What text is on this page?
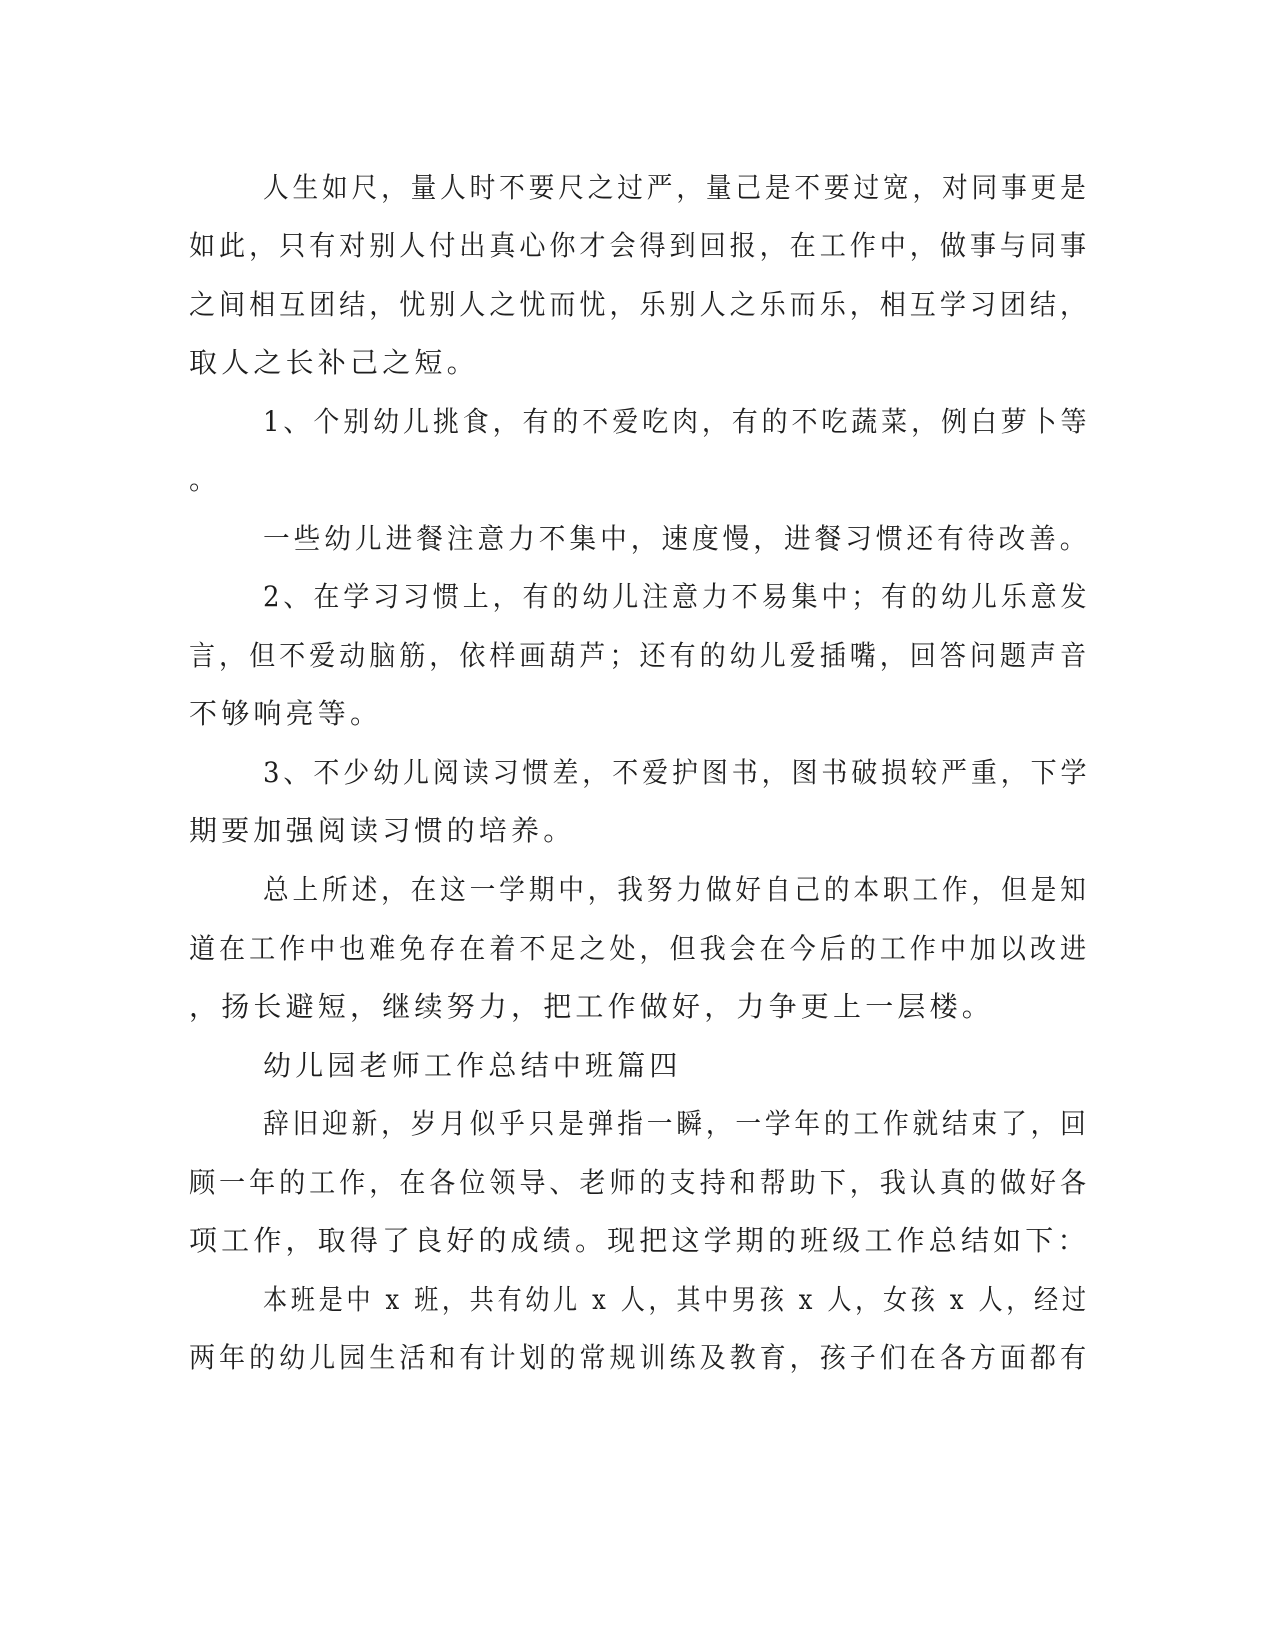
人生如尺，量人时不要尺之过严，量己是不要过宽，对同事更是
如此，只有对别人付出真心你才会得到回报，在工作中，做事与同事
之间相互团结，忧别人之忧而忧，乐别人之乐而乐，相互学习团结，
取人之长补己之短。
1、个别幼儿挑食，有的不爱吃肉，有的不吃蔬菜，例白萝卜等
。
一些幼儿进餐注意力不集中，速度慢，进餐习惯还有待改善。
2、在学习习惯上，有的幼儿注意力不易集中；有的幼儿乐意发
言，但不爱动脑筋，依样画葫芦；还有的幼儿爱插嘴，回答问题声音
不够响亮等。
3、不少幼儿阅读习惯差，不爱护图书，图书破损较严重，下学
期要加强阅读习惯的培养。
总上所述，在这一学期中，我努力做好自己的本职工作，但是知
道在工作中也难免存在着不足之处，但我会在今后的工作中加以改进
，扬长避短，继续努力，把工作做好，力争更上一层楼。
幼儿园老师工作总结中班篇四
辞旧迎新，岁月似乎只是弹指一瞬，一学年的工作就结束了，回
顾一年的工作，在各位领导、老师的支持和帮助下，我认真的做好各
项工作，取得了良好的成绩。现把这学期的班级工作总结如下：
本班是中 x 班，共有幼儿 x 人，其中男孩 x 人，女孩 x 人，经过
两年的幼儿园生活和有计划的常规训练及教育，孩子们在各方面都有
